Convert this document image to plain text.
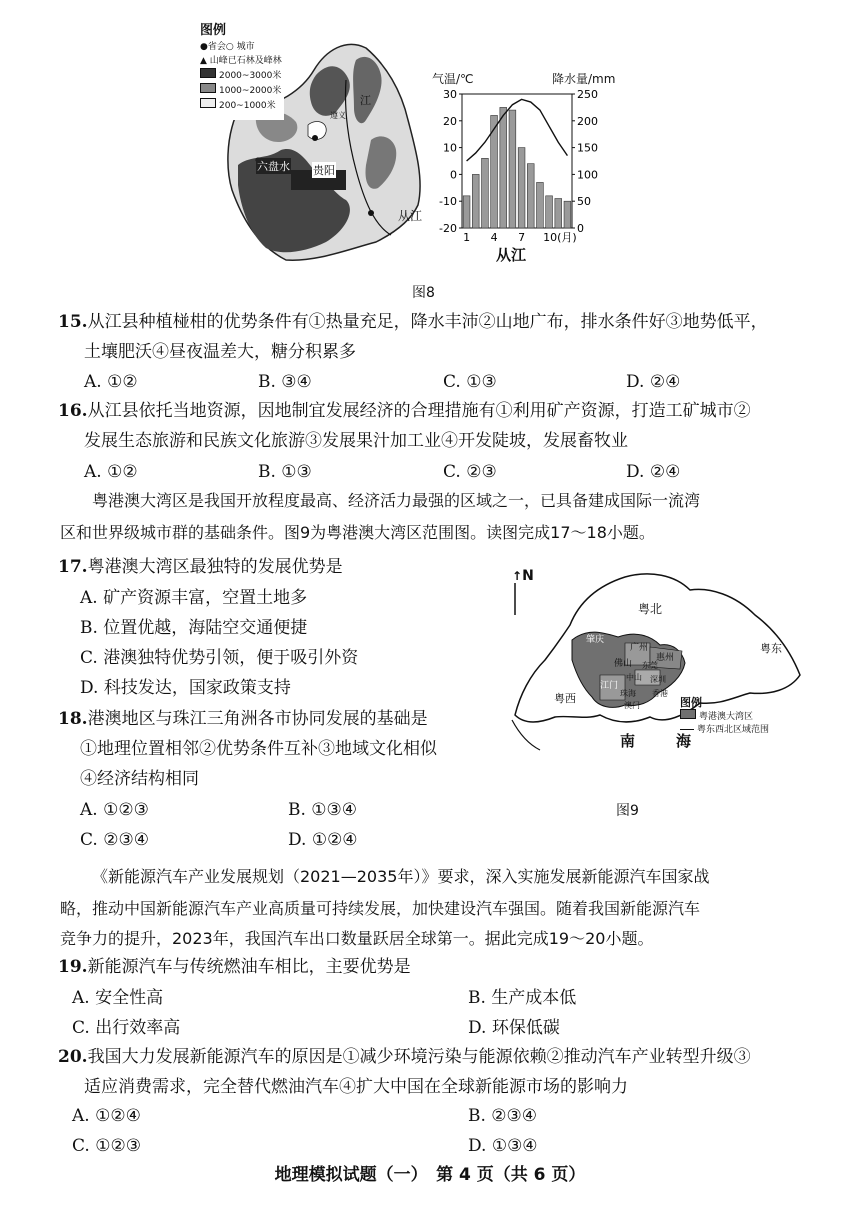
图例
●省会○ 城市
▲ 山峰已石林及峰林
2000~3000米
1000~2000米
200~1000米
六盘水 贵阳
从江
江
遵义
气温/℃	降水量/mm
30
20
10
0
-10
-20
250
200
150
100
50
0
1 4 7 10(月)
从江
图8
15.从江县种植椪柑的优势条件有①热量充足，降水丰沛②山地广布，排水条件好③地势低平，
土壤肥沃④昼夜温差大，糖分积累多
A. ①②	B. ③④	C. ①③	D. ②④
16.从江县依托当地资源，因地制宜发展经济的合理措施有①利用矿产资源，打造工矿城市②
发展生态旅游和民族文化旅游③发展果汁加工业④开发陡坡，发展畜牧业
A. ①②	B. ①③	C. ②③	D. ②④
粤港澳大湾区是我国开放程度最高、经济活力最强的区域之一，已具备建成国际一流湾
区和世界级城市群的基础条件。图9为粤港澳大湾区范围图。读图完成17～18小题。
17.粤港澳大湾区最独特的发展优势是
A. 矿产资源丰富，空置土地多
B. 位置优越，海陆空交通便捷
C. 港澳独特优势引领，便于吸引外资
D. 科技发达，国家政策支持
18.港澳地区与珠江三角洲各市协同发展的基础是
①地理位置相邻②优势条件互补③地域文化相似
④经济结构相同
A. ①②③	B. ①③④
C. ②③④	D. ①②④
↑N
粤北
粤东
粤西
肇庆
广州
惠州
佛山 东莞
江门
中山 深圳
珠海 香港
澳门
南	海
图例
粤港澳大湾区
粤东西北区域范围
图9
《新能源汽车产业发展规划（2021—2035年）》要求，深入实施发展新能源汽车国家战
略，推动中国新能源汽车产业高质量可持续发展，加快建设汽车强国。随着我国新能源汽车
竞争力的提升，2023年，我国汽车出口数量跃居全球第一。据此完成19～20小题。
19.新能源汽车与传统燃油车相比，主要优势是
A. 安全性高	B. 生产成本低
C. 出行效率高	D. 环保低碳
20.我国大力发展新能源汽车的原因是①减少环境污染与能源依赖②推动汽车产业转型升级③
适应消费需求，完全替代燃油汽车④扩大中国在全球新能源市场的影响力
A. ①②④	B. ②③④
C. ①②③	D. ①③④
地理模拟试题（一）　第 4 页（共 6 页）
